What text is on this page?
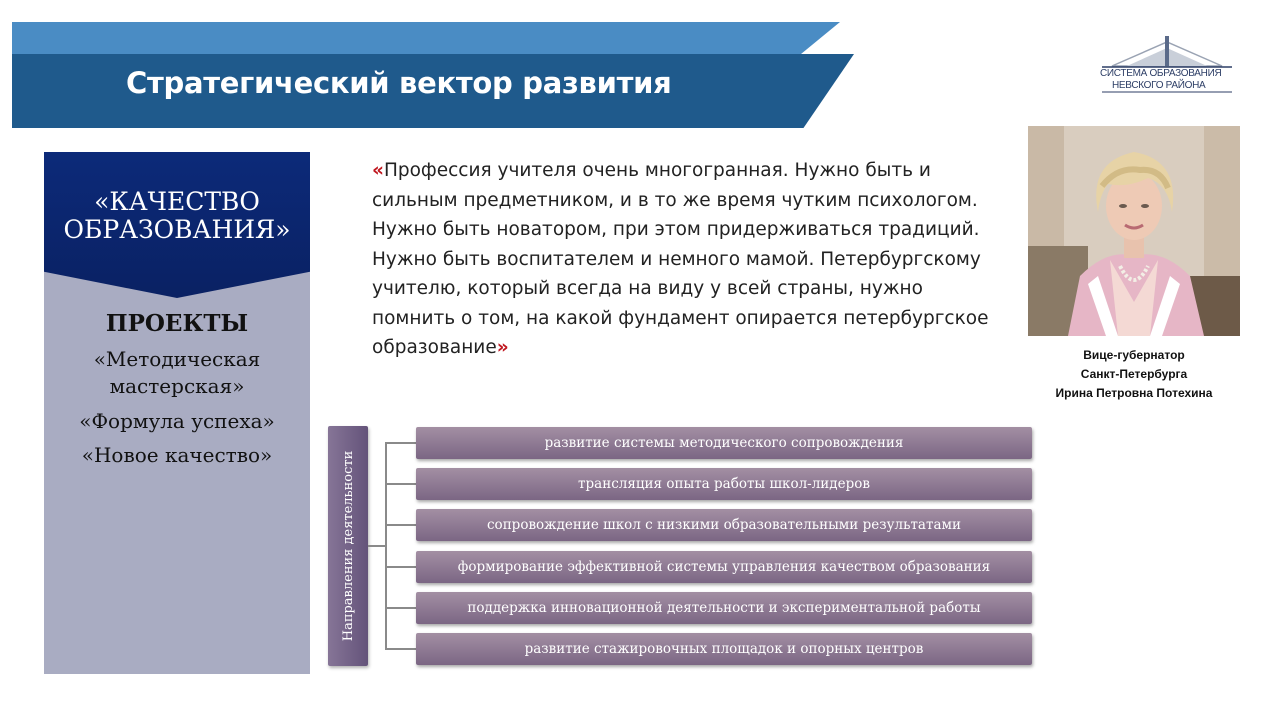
Стратегический вектор развития	СИСТЕМА ОБРАЗОВАНИЯ
НЕВСКОГО РАЙОНА
«КАЧЕСТВО
ОБРАЗОВАНИЯ»
ПРОЕКТЫ
«Методическая
мастерская»
«Формула успеха»
«Новое качество»
«Профессия учителя очень многогранная. Нужно быть и сильным предметником, и в то же время чутким психологом. Нужно быть новатором, при этом придерживаться традиций. Нужно быть воспитателем и немного мамой. Петербургскому учителю, который всегда на виду у всей страны, нужно помнить о том, на какой фундамент опирается петербургское образование»	Вице-губернатор
Санкт-Петербурга
Ирина Петровна Потехина
Направления деятельности
развитие системы методического сопровождения
трансляция опыта работы школ-лидеров
сопровождение школ с низкими образовательными результатами
формирование эффективной системы управления качеством образования
поддержка инновационной деятельности и экспериментальной работы
развитие стажировочных площадок и опорных центров
